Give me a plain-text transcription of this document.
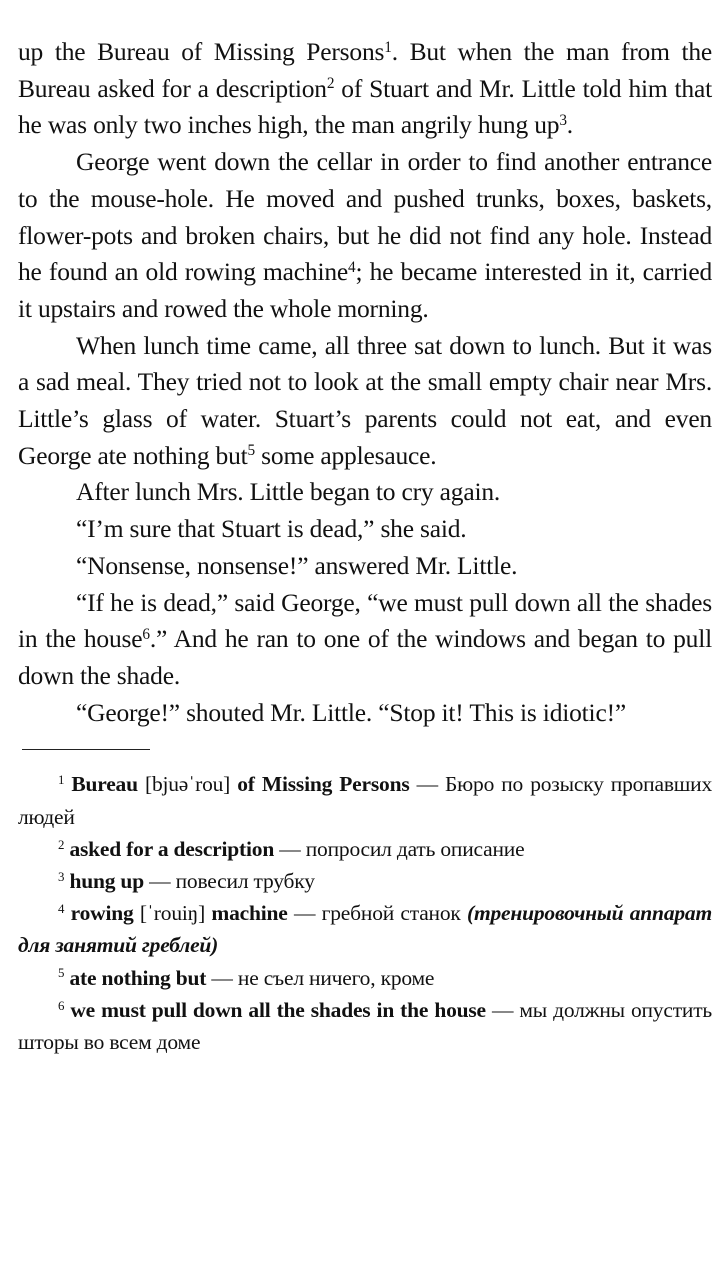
up the Bureau of Missing Persons$^1$. But when the man from the Bureau asked for a description$^2$ of Stuart and Mr. Little told him that he was only two inches high, the man angrily hung $up^3$.

George went down the cellar in order to find another entrance to the mouse-hole. He moved and pushed trunks, boxes, baskets, flower-pots and broken chairs, but he did not find any hole. Instead he found an old rowing machine$^4$; he became interested in it, carried it upstairs and rowed the whole morning.

When lunch time came, all three sat down to lunch. But it was a sad meal. They tried not to look at the small empty chair near Mrs. Little’s glass of water. Stuart’s parents could not eat, and even George ate nothing but$^5$ some applesauce.

After lunch Mrs. Little began to cry again.

“I’m sure that Stuart is dead,” she said.

“Nonsense, nonsense!” answered Mr. Little.

“If he is dead,” said George, “we must pull down all the shades in the house$^6$.” And he ran to one of the windows and began to pull down the shade.

“George!” shouted Mr. Little. “Stop it! This is idiotic!”

$^1$ Bureau [bjuəˈrou] of Missing Persons — Бюро по розыску пропавших людей

$^2$ asked for a description — попросил дать описание

$^3$ hung up — повесил трубку

$^4$ rowing [ˈrouiŋ] machine — гребной станок (тренировочный аппарат для занятий греблей)

$^5$ ate nothing but — не съел ничего, кроме

$^6$ we must pull down all the shades in the house — мы должны опустить шторы во всем доме
